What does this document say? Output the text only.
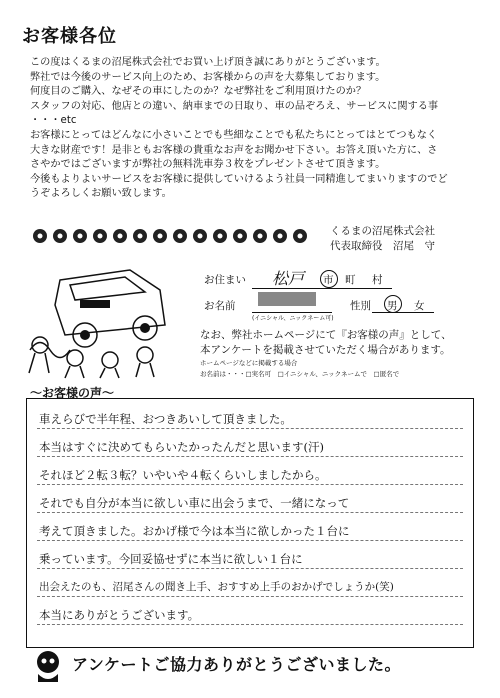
お客様各位
この度はくるまの沼尾株式会社でお買い上げ頂き誠にありがとうございます。
弊社では今後のサービス向上のため、お客様からの声を大募集しております。
何度目のご購入、なぜその車にしたのか？なぜ弊社をご利用頂けたのか？
スタッフの対応、他店との違い、納車までの日取り、車の品ぞろえ、サービスに関する事
・・・etc
お客様にとってはどんなに小さいことでも些細なことでも私たちにとってはとてつもなく
大きな財産です！是非ともお客様の貴重なお声をお聞かせ下さい。お答え頂いた方に、さ
さやかではございますが弊社の無料洗車券３枚をプレゼントさせて頂きます。
今後もよりよいサービスをお客様に提供していけるよう社員一同精進してまいりますのでど
うぞよろしくお願い致します。
くるまの沼尾株式会社
代表取締役　沼尾　守
お住まい 松戸 市 町 村
お名前
(イニシャル、ニックネーム可)
性別 男 女
なお、弊社ホームページにて『お客様の声』として、本アンケートを掲載させていただく場合があります。
ホームページなどに掲載する場合
お名前は・・・□実名可　□イニシャル、ニックネームで　□匿名で
～お客様の声～
車えらびで半年程、おつきあいして頂きました。
本当はすぐに決めてもらいたかったんだと思います(汗)
それほど２転３転？いやいや４転くらいしましたから。
それでも自分が本当に欲しい車に出会うまで、一緒になって
考えて頂きました。おかげ様で今は本当に欲しかった１台に
乗っています。今回妥協せずに本当に欲しい１台に
出会えたのも、沼尾さんの聞き上手、おすすめ上手のおかげでしょうか(笑)
本当にありがとうございます。
アンケートご協力ありがとうございました。
